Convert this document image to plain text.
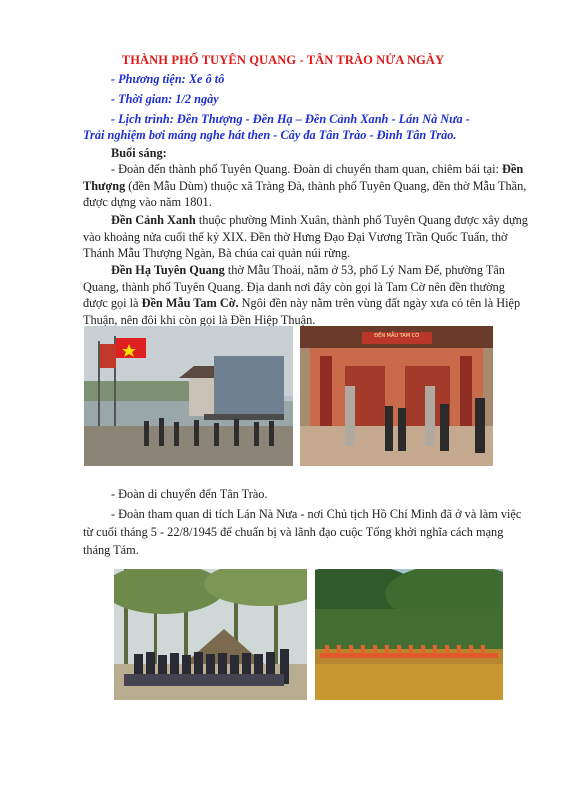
THÀNH PHỐ TUYÊN QUANG - TÂN TRÀO NỬA NGÀY
- Phương tiện: Xe ô tô
- Thời gian: 1/2 ngày
- Lịch trình: Đền Thượng - Đền Hạ – Đền Cảnh Xanh - Lán Nà Nưa -
Trải nghiệm bơi máng nghe hát then - Cây đa Tân Trào - Đình Tân Trào.
Buổi sáng:
- Đoàn đến thành phố Tuyên Quang. Đoàn di chuyển tham quan, chiêm bái tại: Đền Thượng (đền Mẫu Dùm) thuộc xã Tràng Đà, thành phố Tuyên Quang, đền thờ Mẫu Thần, được dựng vào năm 1801.
Đền Cảnh Xanh thuộc phường Minh Xuân, thành phố Tuyên Quang được xây dựng vào khoảng nửa cuối thế kỷ XIX. Đền thờ Hưng Đạo Đại Vương Trần Quốc Tuấn, thờ Thánh Mẫu Thượng Ngàn, Bà chúa cai quản núi rừng.
Đền Hạ Tuyên Quang thờ Mẫu Thoải, nằm ở 53, phố Lý Nam Đế, phường Tân Quang, thành phố Tuyên Quang. Địa danh nơi đây còn gọi là Tam Cờ nên đền thường được gọi là Đền Mẫu Tam Cờ. Ngôi đền này nằm trên vùng đất ngày xưa có tên là Hiệp Thuận, nên đôi khi còn gọi là Đền Hiệp Thuận.
ĐỀN MẪU TAM CỜ
- Đoàn di chuyển đến Tân Trào.
- Đoàn tham quan di tích Lán Nà Nưa - nơi Chủ tịch Hồ Chí Minh đã ở và làm việc từ cuối tháng 5 - 22/8/1945 để chuẩn bị và lãnh đạo cuộc Tổng khởi nghĩa cách mạng tháng Tám.
